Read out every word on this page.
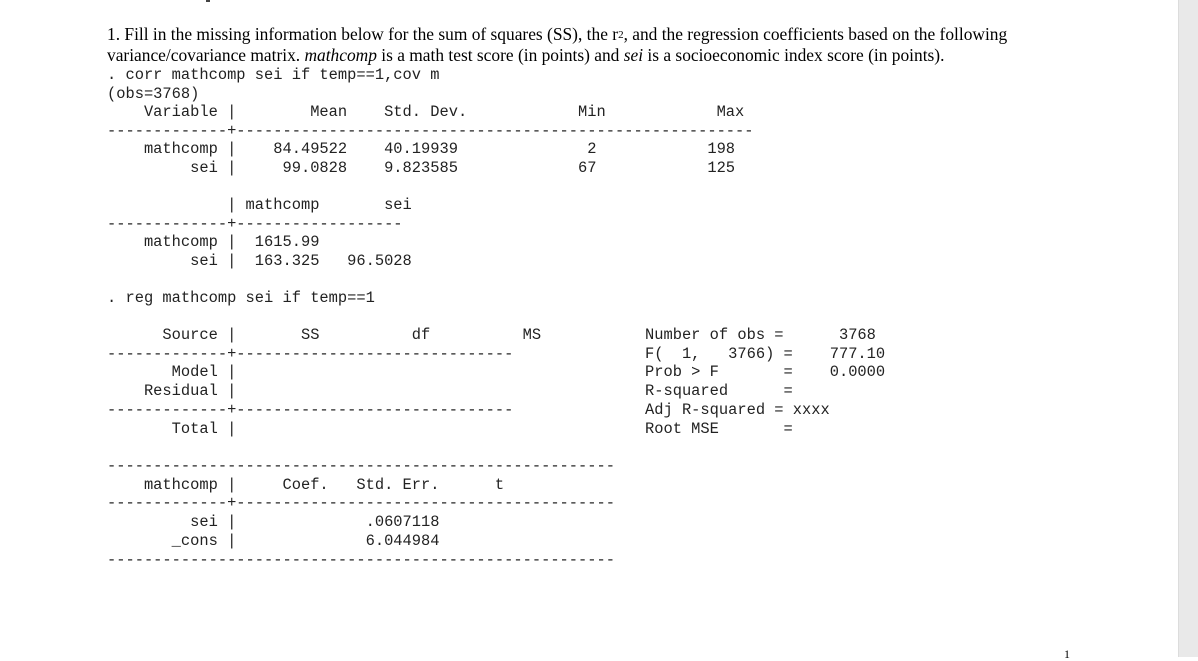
1. Fill in the missing information below for the sum of squares (SS), the $r^2$, and the regression coefficients based on the following
variance/covariance matrix. mathcomp is a math test score (in points) and sei is a socioeconomic index score (in points).
. corr mathcomp sei if temp==1,cov m
(obs=3768)
Variable |        Mean    Std. Dev.            Min            Max
-------------+--------------------------------------------------------
mathcomp |    84.49522    40.19939              2            198
sei |     99.0828    9.823585             67            125
| mathcomp       sei
-------------+------------------
mathcomp |  1615.99
sei |  163.325   96.5028
. reg mathcomp sei if temp==1
Source |       SS          df          MS
-------------+------------------------------
Model |
Residual |
-------------+------------------------------
Total |
Number of obs =      3768
F(  1,   3766) =    777.10
Prob > F       =    0.0000
R-squared      =
Adj R-squared = xxxx
Root MSE       =
-------------------------------------------------------
mathcomp |     Coef.   Std. Err.      t
-------------+-----------------------------------------
sei |              .0607118
_cons |              6.044984
-------------------------------------------------------
1
